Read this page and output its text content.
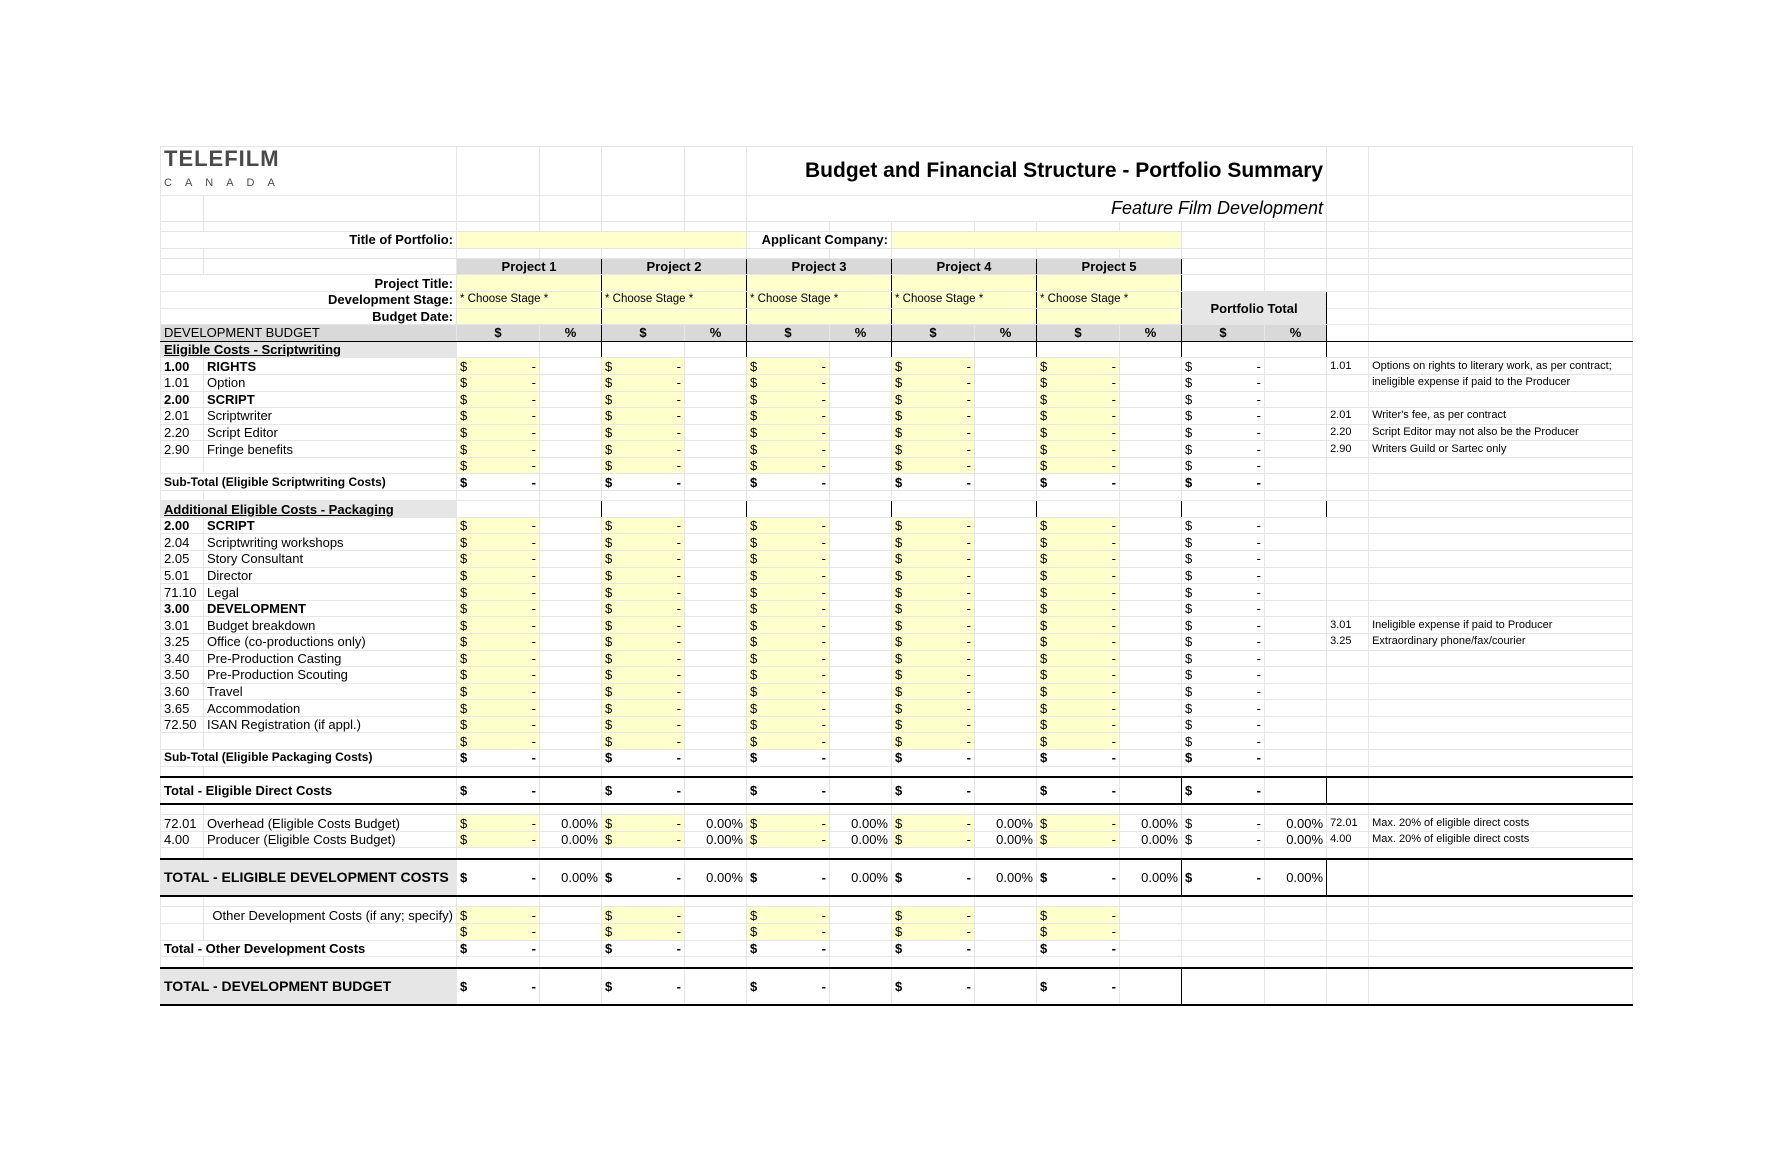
TELEFILM
CANADA						Budget and Financial Structure - Portfolio Summary									
						Feature Film Development									

Title of Portfolio:						Applicant Company:									

		Project 1		Project 2		Project 3		Project 4		Project 5					
Project Title:															
Development Stage:		* Choose Stage *		* Choose Stage *		* Choose Stage *		* Choose Stage *		* Choose Stage *		Portfolio Total			
Budget Date:															
DEVELOPMENT BUDGET		$	%	$	%	$	%	$	%	$	%	$	%		
Eligible Costs - Scriptwriting															
1.00	RIGHTS	$ -		$ -		$ -		$ -		$ -		$ -		1.01	Options on rights to literary work, as per contract;
1.01	Option	$ -		$ -		$ -		$ -		$ -		$ -			ineligible expense if paid to the Producer
2.00	SCRIPT	$ -		$ -		$ -		$ -		$ -		$ -			

2.01	Scriptwriter	$ -		$ -		$ -		$ -		$ -		$ -		2.01	Writer's fee, as per contract
2.20	Script Editor	$ -		$ -		$ -		$ -		$ -		$ -		2.20	Script Editor may not also be the Producer
2.90	Fringe benefits	$ -		$ -		$ -		$ -		$ -		$ -		2.90	Writers Guild or Sartec only

		$ -		$ -		$ -		$ -		$ -		$ -			

Sub-Total (Eligible Scriptwriting Costs)		$ -		$ -		$ -		$ -		$ -		$ -			

Additional Eligible Costs - Packaging															
2.00	SCRIPT	$ -		$ -		$ -		$ -		$ -		$ -			

2.04	Scriptwriting workshops	$ -		$ -		$ -		$ -		$ -		$ -			

2.05	Story Consultant	$ -		$ -		$ -		$ -		$ -		$ -			

5.01	Director	$ -		$ -		$ -		$ -		$ -		$ -			

71.10	Legal	$ -		$ -		$ -		$ -		$ -		$ -			

3.00	DEVELOPMENT	$ -		$ -		$ -		$ -		$ -		$ -			

3.01	Budget breakdown	$ -		$ -		$ -		$ -		$ -		$ -		3.01	Ineligible expense if paid to Producer
3.25	Office (co-productions only)	$ -		$ -		$ -		$ -		$ -		$ -		3.25	Extraordinary phone/fax/courier
3.40	Pre-Production Casting	$ -		$ -		$ -		$ -		$ -		$ -			

3.50	Pre-Production Scouting	$ -		$ -		$ -		$ -		$ -		$ -			

3.60	Travel	$ -		$ -		$ -		$ -		$ -		$ -			

3.65	Accommodation	$ -		$ -		$ -		$ -		$ -		$ -			

72.50	ISAN Registration (if appl.)	$ -		$ -		$ -		$ -		$ -		$ -			

		$ -		$ -		$ -		$ -		$ -		$ -			

Sub-Total (Eligible Packaging Costs)		$ -		$ -		$ -		$ -		$ -		$ -			

Total - Eligible Direct Costs		$ -		$ -		$ -		$ -		$ -		$ -			

72.01	Overhead (Eligible Costs Budget)	$ -	0.00%	$ -	0.00%	$ -	0.00%	$ -	0.00%	$ -	0.00%	$ -	0.00%	72.01	Max. 20% of eligible direct costs
4.00	Producer (Eligible Costs Budget)	$ -	0.00%	$ -	0.00%	$ -	0.00%	$ -	0.00%	$ -	0.00%	$ -	0.00%	4.00	Max. 20% of eligible direct costs

TOTAL - ELIGIBLE DEVELOPMENT COSTS		$ -	0.00%	$ -	0.00%	$ -	0.00%	$ -	0.00%	$ -	0.00%	$ -	0.00%		

	Other Development Costs (if any; specify)	$ -		$ -		$ -		$ -		$ -					

		$ -		$ -		$ -		$ -		$ -					

Total - Other Development Costs		$ -		$ -		$ -		$ -		$ -					

TOTAL - DEVELOPMENT BUDGET		$ -		$ -		$ -		$ -		$ -					
